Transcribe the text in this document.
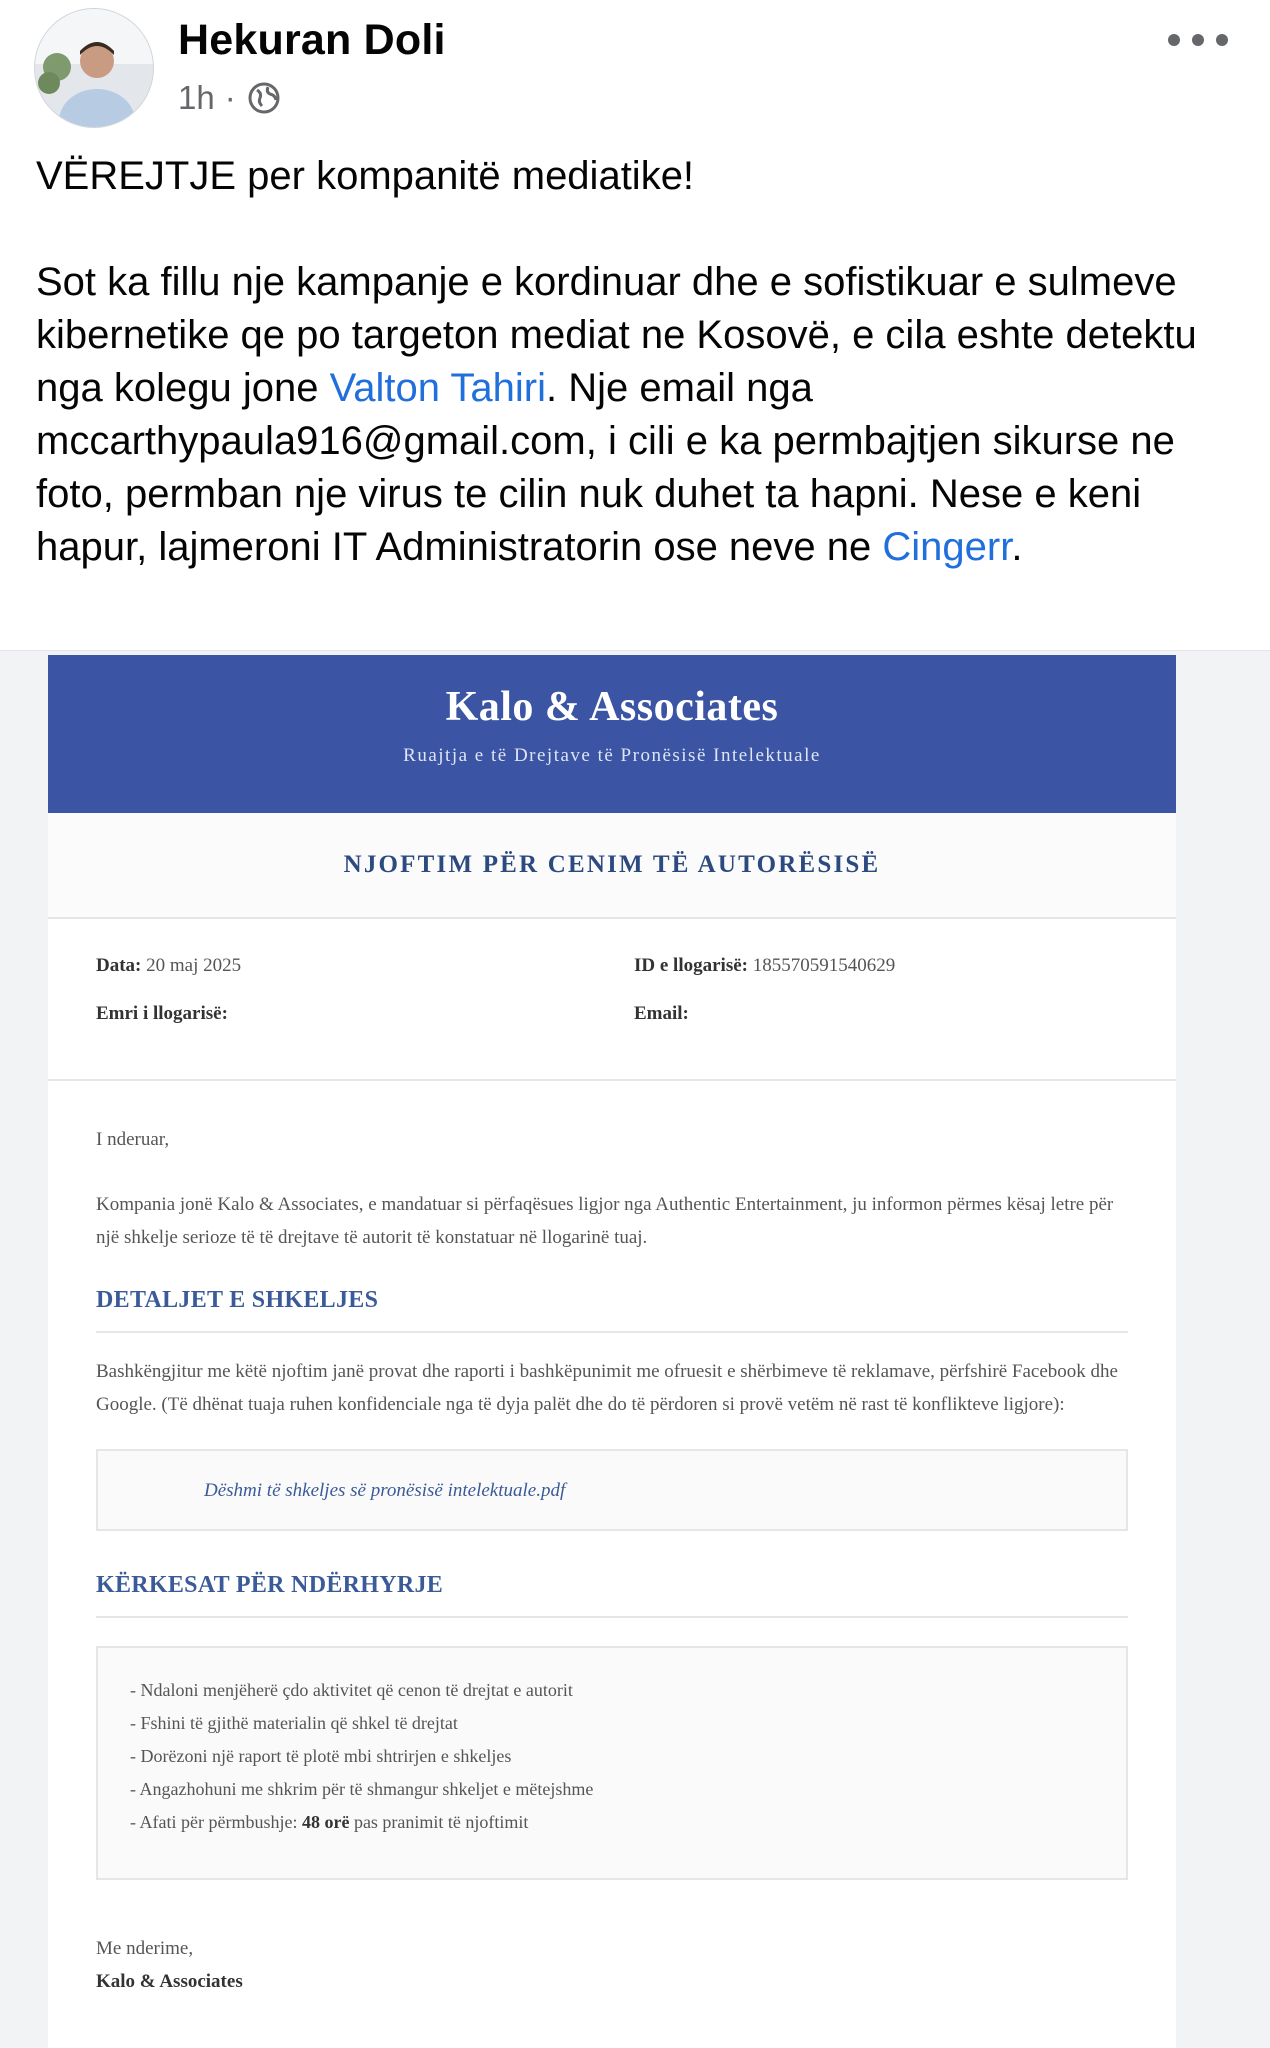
Hekuran Doli
1h ·

VËREJTJE per kompanitë mediatike!

Sot ka fillu nje kampanje e kordinuar dhe e sofistikuar e sulmeve kibernetike qe po targeton mediat ne Kosovë, e cila eshte detektu nga kolegu jone Valton Tahiri. Nje email nga mccarthypaula916@gmail.com, i cili e ka permbajtjen sikurse ne foto, permban nje virus te cilin nuk duhet ta hapni. Nese e keni hapur, lajmeroni IT Administratorin ose neve ne Cingerr.

Kalo & Associates
Ruajtja e të Drejtave të Pronësisë Intelektuale
NJOFTIM PËR CENIM TË AUTORËSISË
Data: 20 maj 2025	ID e llogarisë: 185570591540629
Emri i llogarisë:	Email:

I nderuar,

Kompania jonë Kalo & Associates, e mandatuar si përfaqësues ligjor nga Authentic Entertainment, ju informon përmes kësaj letre për një shkelje serioze të të drejtave të autorit të konstatuar në llogarinë tuaj.

DETALJET E SHKELJES

Bashkëngjitur me këtë njoftim janë provat dhe raporti i bashkëpunimit me ofruesit e shërbimeve të reklamave, përfshirë Facebook dhe Google. (Të dhënat tuaja ruhen konfidenciale nga të dyja palët dhe do të përdoren si provë vetëm në rast të konflikteve ligjore):

Dëshmi të shkeljes së pronësisë intelektuale.pdf
KËRKESAT PËR NDËRHYRJE
- Ndaloni menjëherë çdo aktivitet që cenon të drejtat e autorit
- Fshini të gjithë materialin që shkel të drejtat
- Dorëzoni një raport të plotë mbi shtrirjen e shkeljes
- Angazhohuni me shkrim për të shmangur shkeljet e mëtejshme
- Afati për përmbushje: 48 orë pas pranimit të njoftimit

Me nderime,

Kalo & Associates
